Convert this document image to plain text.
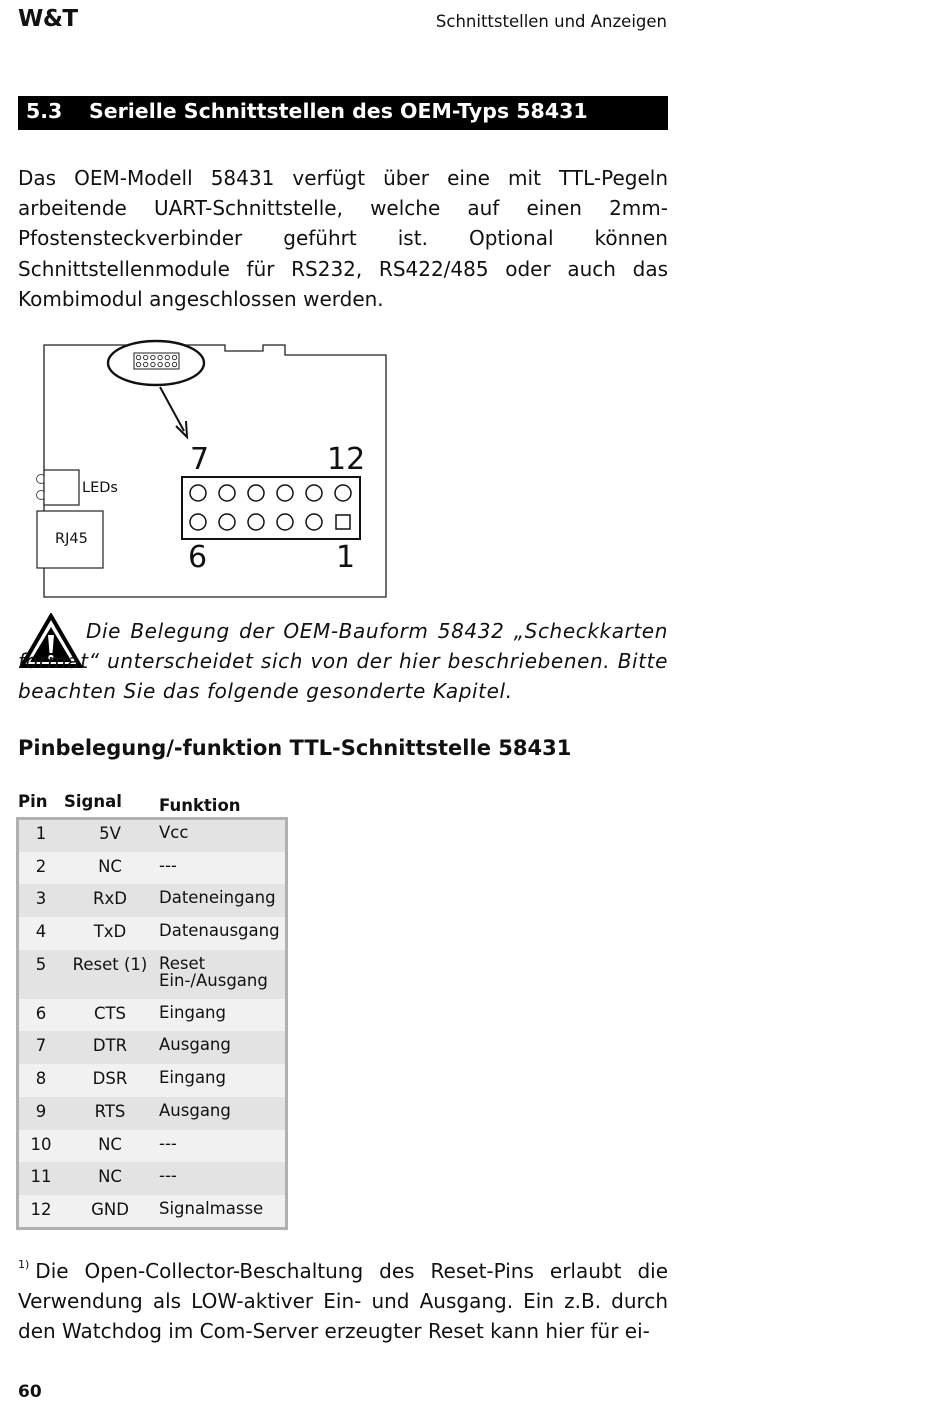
W&T	Schnittstellen und Anzeigen
5.3 Serielle Schnittstellen des OEM-Typs 58431

Das OEM-Modell 58431 verfügt über eine mit TTL-Pegeln arbeitende UART-Schnittstelle, welche auf einen 2mm-Pfostensteckverbinder geführt ist. Optional können Schnittstellenmodule für RS232, RS422/485 oder auch das Kombimodul angeschlossen werden.

7	12
6	1
LEDs
RJ45

Die Belegung der OEM-Bauform 58432 „Scheckkarten format“ unterscheidet sich von der hier beschriebenen. Bitte beachten Sie das folgende gesonderte Kapitel.

Pinbelegung/-funktion TTL-Schnittstelle 58431
Pin	Signal	Funktion
1	5V	Vcc

2	NC	---

3	RxD	Dateneingang

4	TxD	Datenausgang

5	Reset (1)	Reset
Ein-/Ausgang

6	CTS	Eingang

7	DTR	Ausgang

8	DSR	Eingang

9	RTS	Ausgang

10	NC	---

11	NC	---

12	GND	Signalmasse

$^{1)}$ Die Open-Collector-Beschaltung des Reset-Pins erlaubt die Verwendung als LOW-aktiver Ein- und Ausgang. Ein z.B. durch den Watchdog im Com-Server erzeugter Reset kann hier für ei-

60
